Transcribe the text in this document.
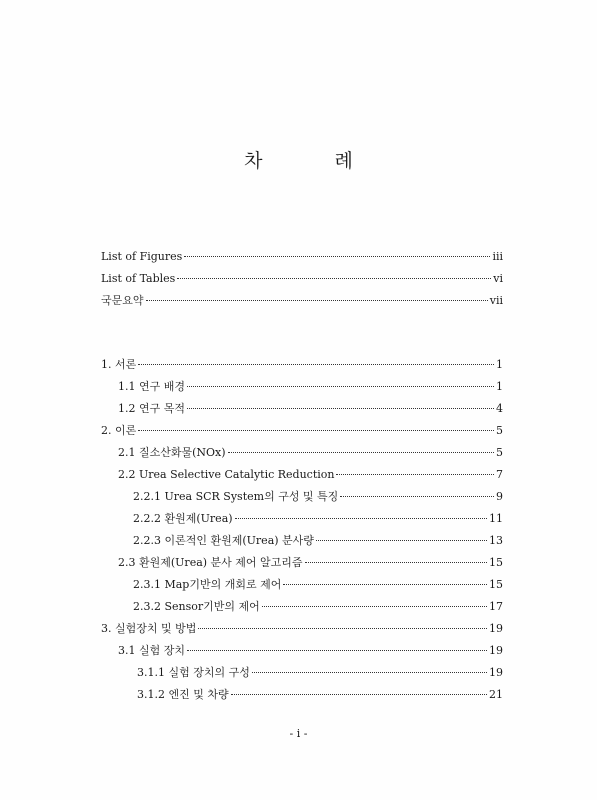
차	례
List of Figures	iii
List of Tables	vi
국문요약	vii
1. 서론	1
1.1 연구 배경	1
1.2 연구 목적	4
2. 이론	5
2.1 질소산화물(NOx)	5
2.2 Urea Selective Catalytic Reduction	7
2.2.1 Urea SCR System의 구성 및 특징	9
2.2.2 환원제(Urea)	11
2.2.3 이론적인 환원제(Urea) 분사량	13
2.3 환원제(Urea) 분사 제어 알고리즘	15
2.3.1 Map기반의 개회로 제어	15
2.3.2 Sensor기반의 제어	17
3. 실험장치 및 방법	19
3.1 실험 장치	19
3.1.1 실험 장치의 구성	19
3.1.2 엔진 및 차량	21
- i -
